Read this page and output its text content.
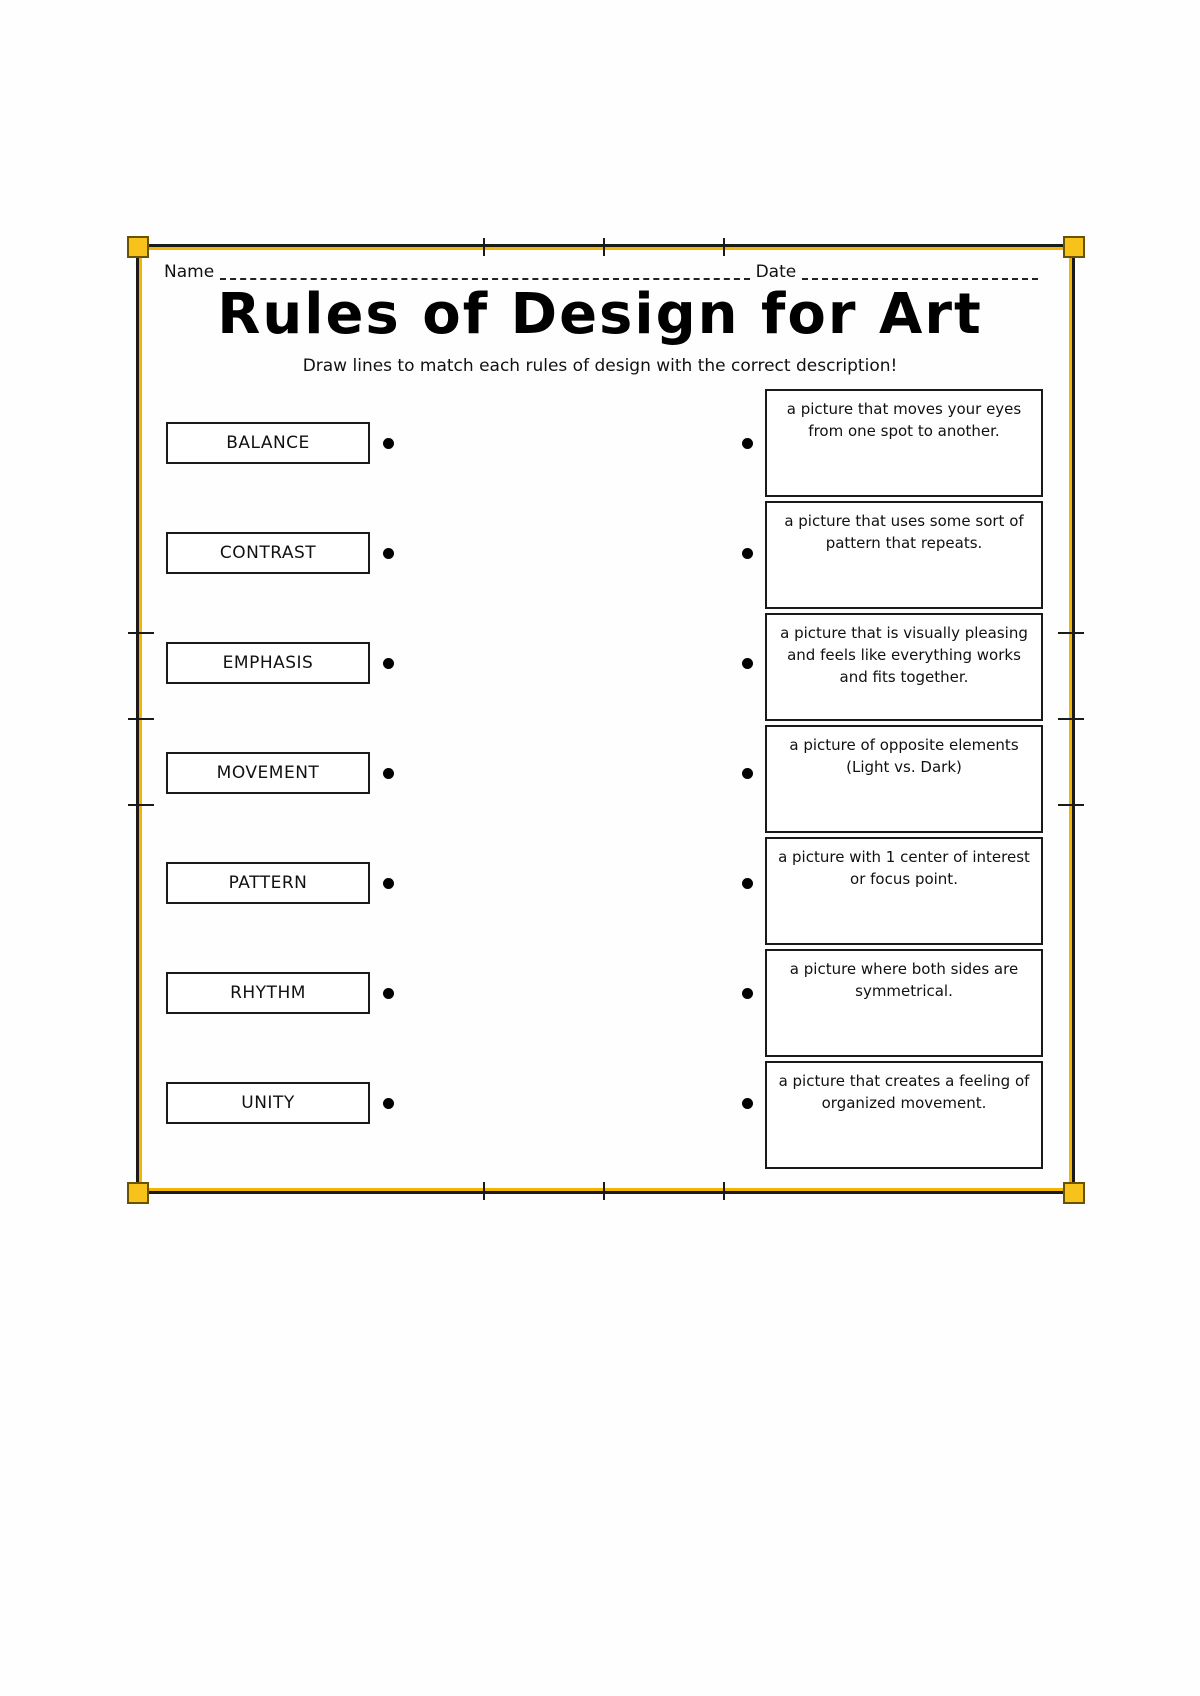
Name	Date
Rules of Design for Art
Draw lines to match each rules of design with the correct description!
BALANCE
CONTRAST
EMPHASIS
MOVEMENT
PATTERN
RHYTHM
UNITY
a picture that moves your eyes from one spot to another.
a picture that uses some sort of pattern that repeats.
a picture that is visually pleasing and feels like everything works and fits together.
a picture of opposite elements (Light vs. Dark)
a picture with 1 center of interest or focus point.
a picture where both sides are symmetrical.
a picture that creates a feeling of organized movement.
